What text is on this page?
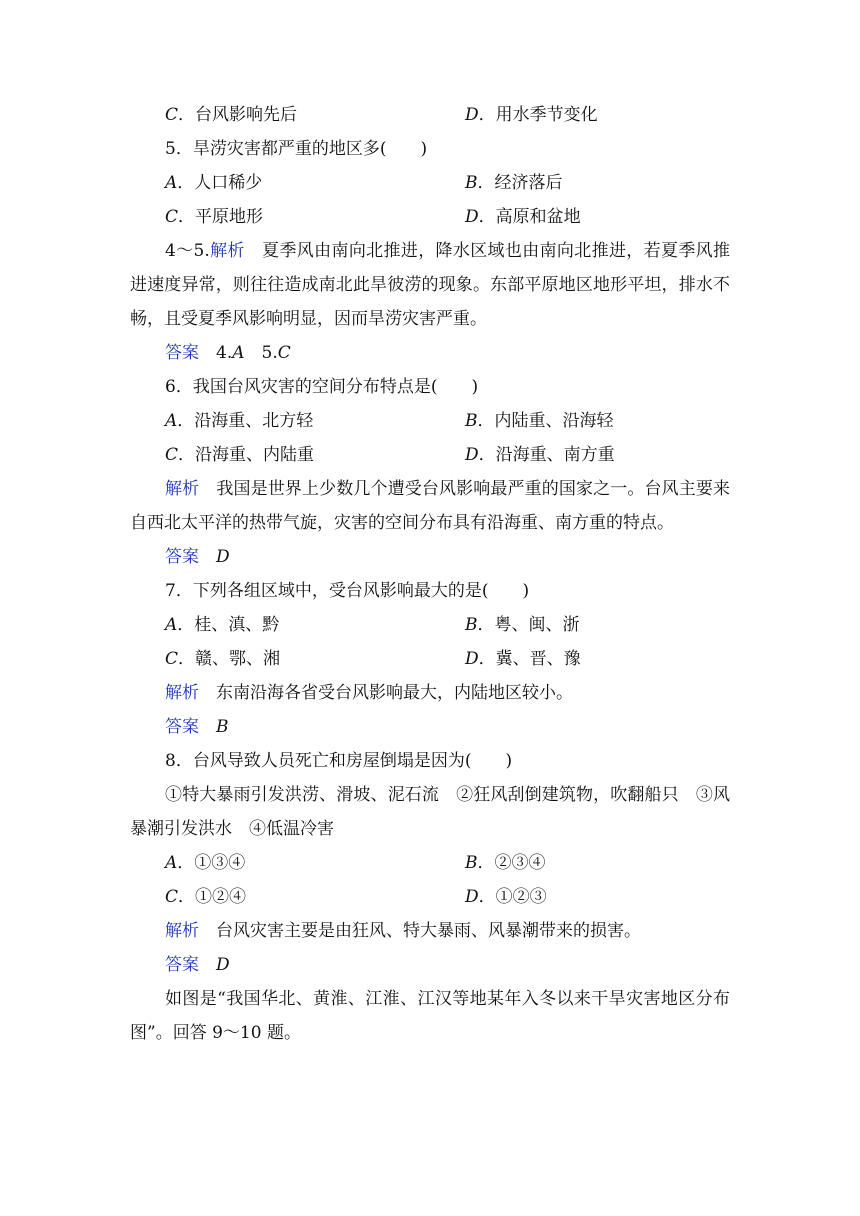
C．台风影响先后	D．用水季节变化
5．旱涝灾害都严重的地区多(　　)
A．人口稀少	B．经济落后
C．平原地形	D．高原和盆地
4～5.解析　 夏季风由南向北推进，降水区域也由南向北推进，若夏季风推
进速度异常，则往往造成南北此旱彼涝的现象。东部平原地区地形平坦，排水不
畅，且受夏季风影响明显，因而旱涝灾害严重。
答案　 4.A　 5.C
6．我国台风灾害的空间分布特点是(　　)
A．沿海重、北方轻	B．内陆重、沿海轻
C．沿海重、内陆重	D．沿海重、南方重
解析　 我国是世界上少数几个遭受台风影响最严重的国家之一。台风主要来
自西北太平洋的热带气旋，灾害的空间分布具有沿海重、南方重的特点。
答案　 D
7．下列各组区域中，受台风影响最大的是(　　)
A．桂、滇、黔	B．粤、闽、浙
C．赣、鄂、湘	D．冀、晋、豫
解析　 东南沿海各省受台风影响最大，内陆地区较小。
答案　 B
8．台风导致人员死亡和房屋倒塌是因为(　　)
①特大暴雨引发洪涝、滑坡、泥石流　②狂风刮倒建筑物，吹翻船只　③风
暴潮引发洪水　④低温冷害
A．①③④	B．②③④
C．①②④	D．①②③
解析　 台风灾害主要是由狂风、特大暴雨、风暴潮带来的损害。
答案　 D
如图是“我国华北、黄淮、江淮、江汉等地某年入冬以来干旱灾害地区分布
图”。回答 9～10 题。
